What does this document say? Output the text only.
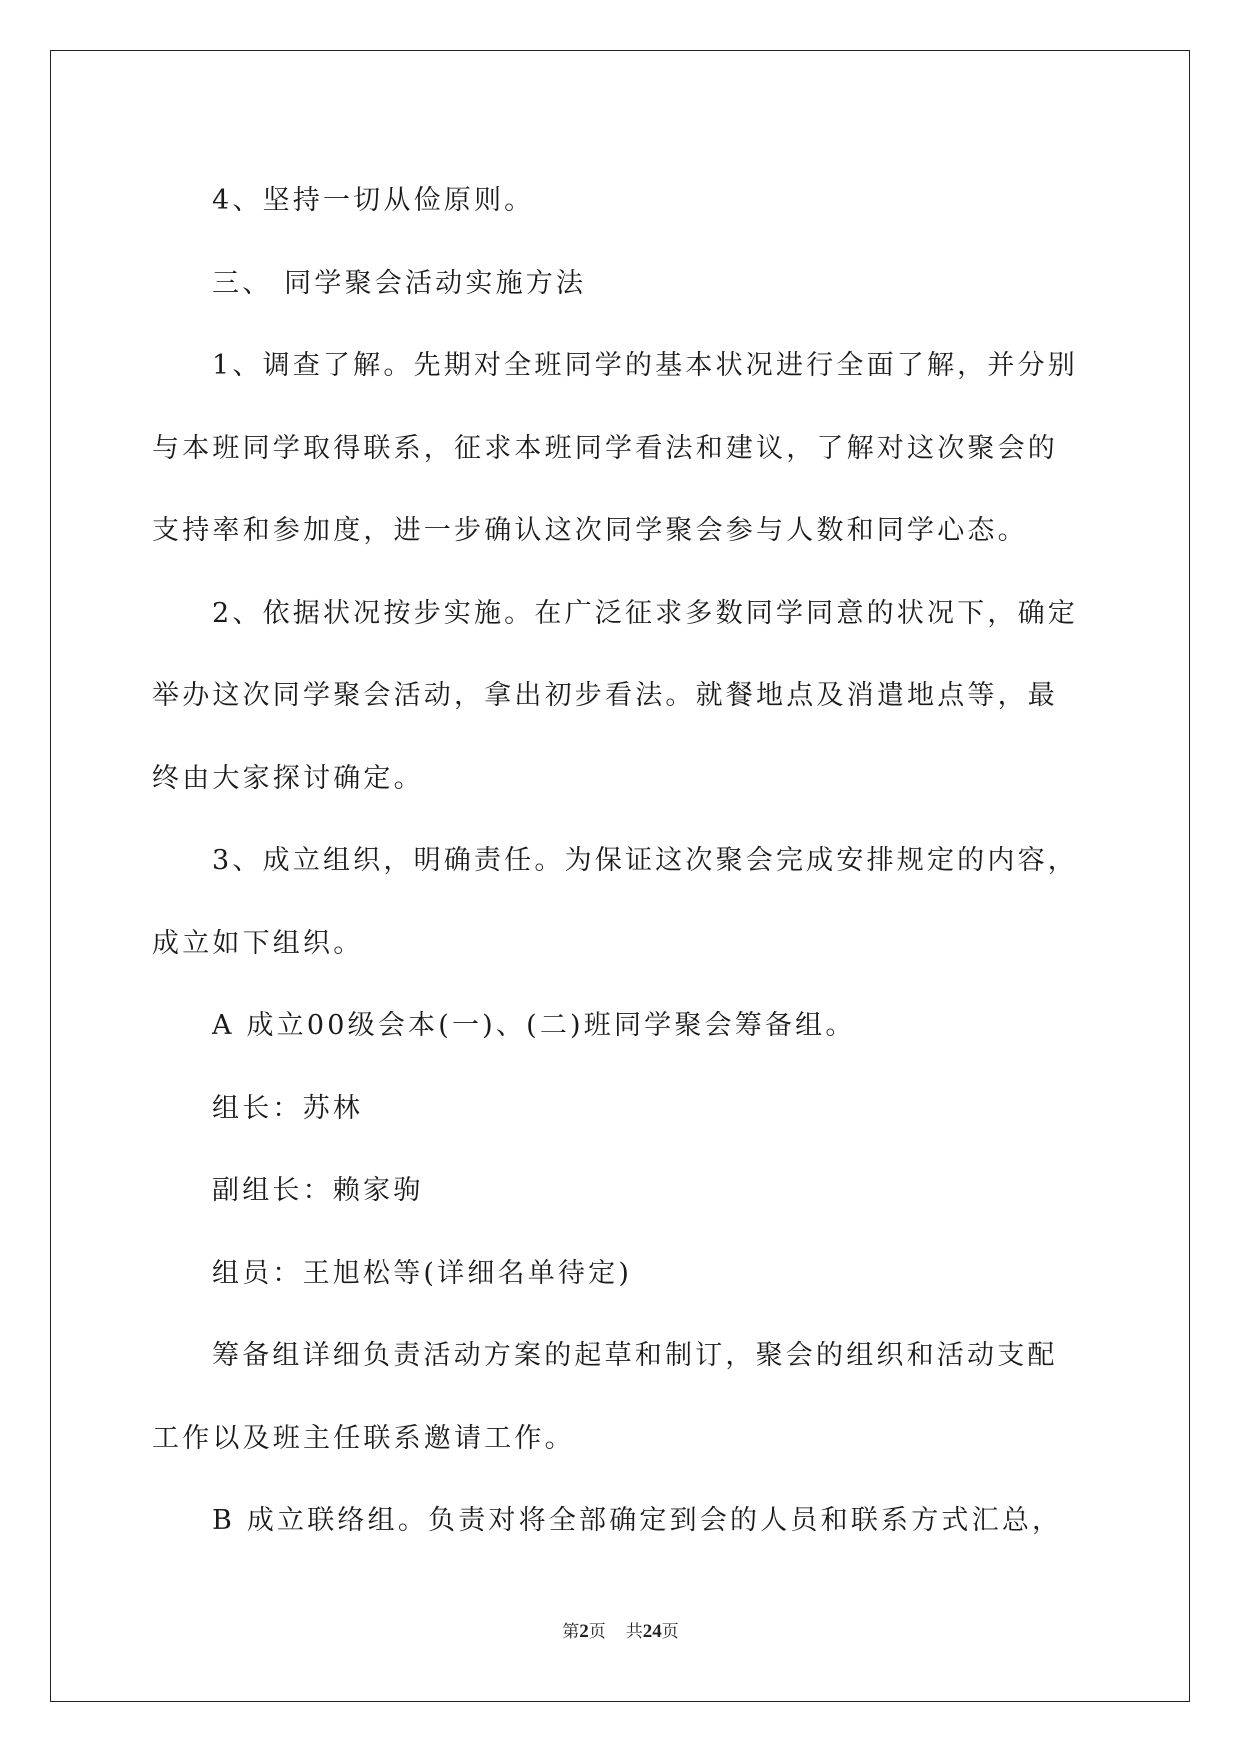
4、坚持一切从俭原则。

三、 同学聚会活动实施方法

1、调查了解。先期对全班同学的基本状况进行全面了解，并分别

与本班同学取得联系，征求本班同学看法和建议，了解对这次聚会的

支持率和参加度，进一步确认这次同学聚会参与人数和同学心态。

2、依据状况按步实施。在广泛征求多数同学同意的状况下，确定

举办这次同学聚会活动，拿出初步看法。就餐地点及消遣地点等，最

终由大家探讨确定。

3、成立组织，明确责任。为保证这次聚会完成安排规定的内容，

成立如下组织。

A 成立00级会本(一)、(二)班同学聚会筹备组。

组长：苏林

副组长：赖家驹

组员：王旭松等(详细名单待定)

筹备组详细负责活动方案的起草和制订，聚会的组织和活动支配

工作以及班主任联系邀请工作。

B 成立联络组。负责对将全部确定到会的人员和联系方式汇总，

第2页 共24页
